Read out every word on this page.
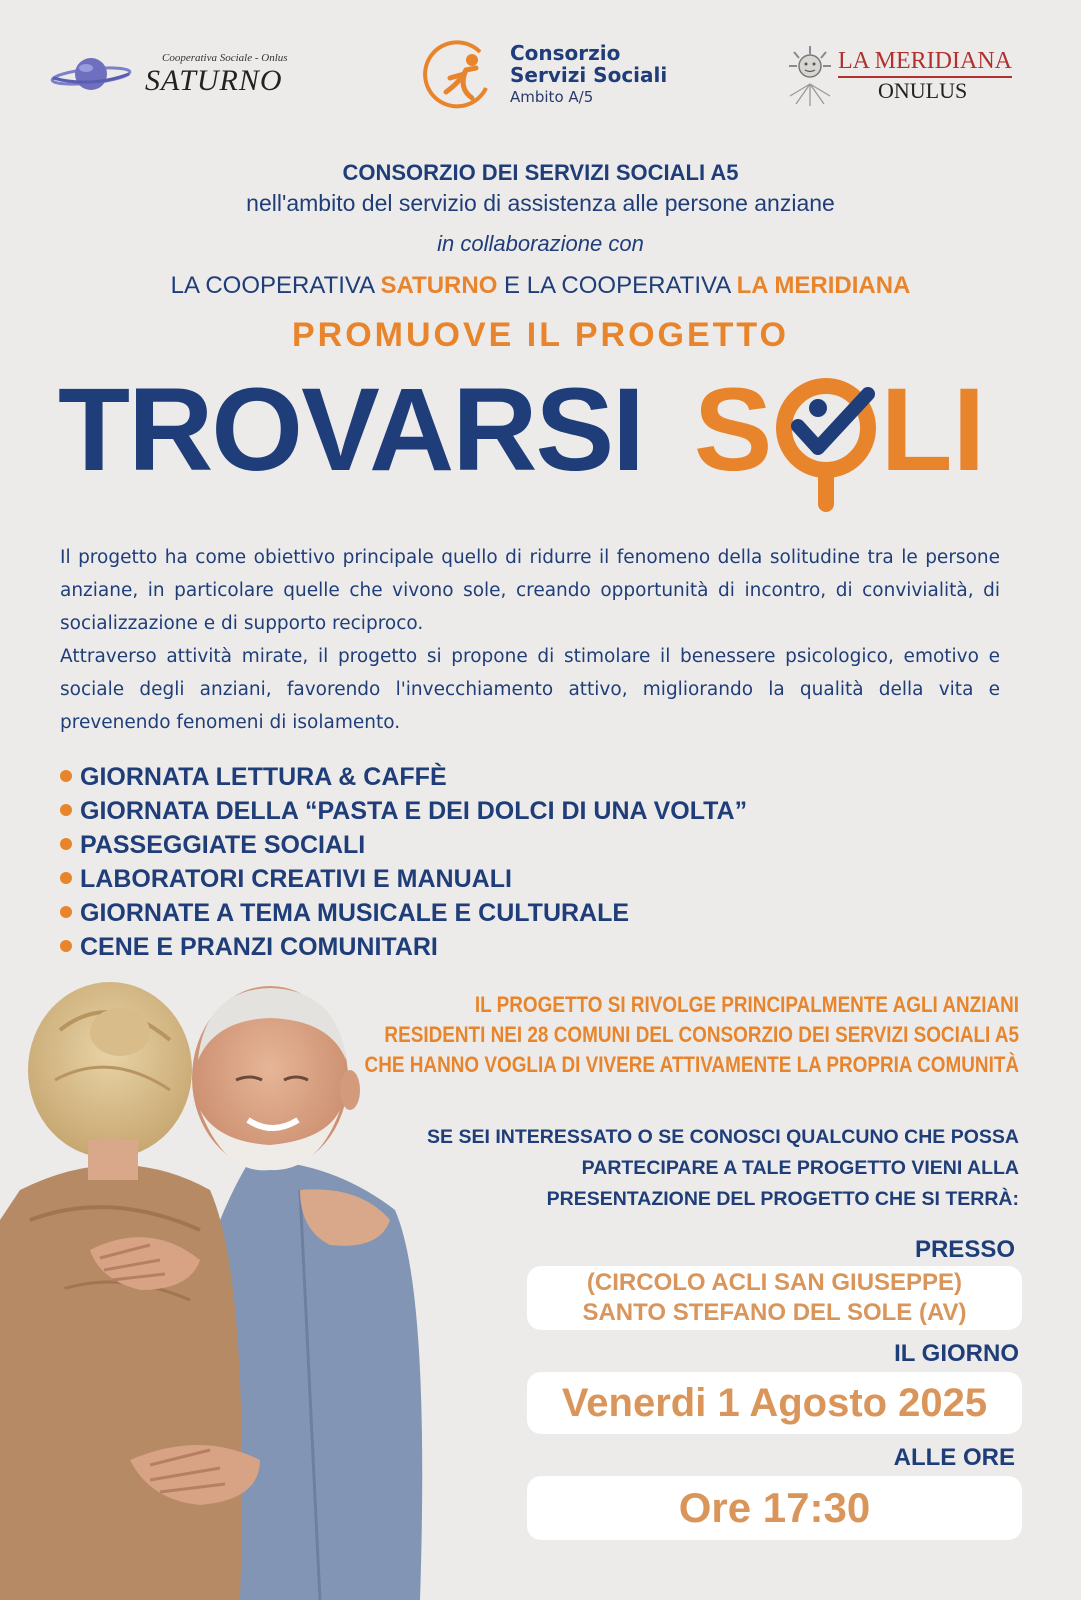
Cooperativa Sociale - Onlus
SATURNO
Consorzio
Servizi Sociali
Ambito A/5
LA MERIDIANA
ONULUS
CONSORZIO DEI SERVIZI SOCIALI A5
nell'ambito del servizio di assistenza alle persone anziane
in collaborazione con
LA COOPERATIVA SATURNO E LA COOPERATIVA LA MERIDIANA
PROMUOVE IL PROGETTO
TROVARSI S LI
Il progetto ha come obiettivo principale quello di ridurre il fenomeno della solitudine tra le persone anziane, in particolare quelle che vivono sole, creando opportunità di incontro, di convivialità, di socializzazione e di supporto reciproco.
Attraverso attività mirate, il progetto si propone di stimolare il benessere psicologico, emotivo e sociale degli anziani, favorendo l'invecchiamento attivo, migliorando la qualità della vita e prevenendo fenomeni di isolamento.
GIORNATA LETTURA & CAFFÈ
GIORNATA DELLA “PASTA E DEI DOLCI DI UNA VOLTA”
PASSEGGIATE SOCIALI
LABORATORI CREATIVI E MANUALI
GIORNATE A TEMA MUSICALE E CULTURALE
CENE E PRANZI COMUNITARI
IL PROGETTO SI RIVOLGE PRINCIPALMENTE AGLI ANZIANI
RESIDENTI NEI 28 COMUNI DEL CONSORZIO DEI SERVIZI SOCIALI A5
CHE HANNO VOGLIA DI VIVERE ATTIVAMENTE LA PROPRIA COMUNITÀ
SE SEI INTERESSATO O SE CONOSCI QUALCUNO CHE POSSA
PARTECIPARE A TALE PROGETTO VIENI ALLA
PRESENTAZIONE DEL PROGETTO CHE SI TERRÀ:
PRESSO
(CIRCOLO ACLI SAN GIUSEPPE)
SANTO STEFANO DEL SOLE (AV)
IL GIORNO
Venerdi 1 Agosto 2025
ALLE ORE
Ore 17:30
